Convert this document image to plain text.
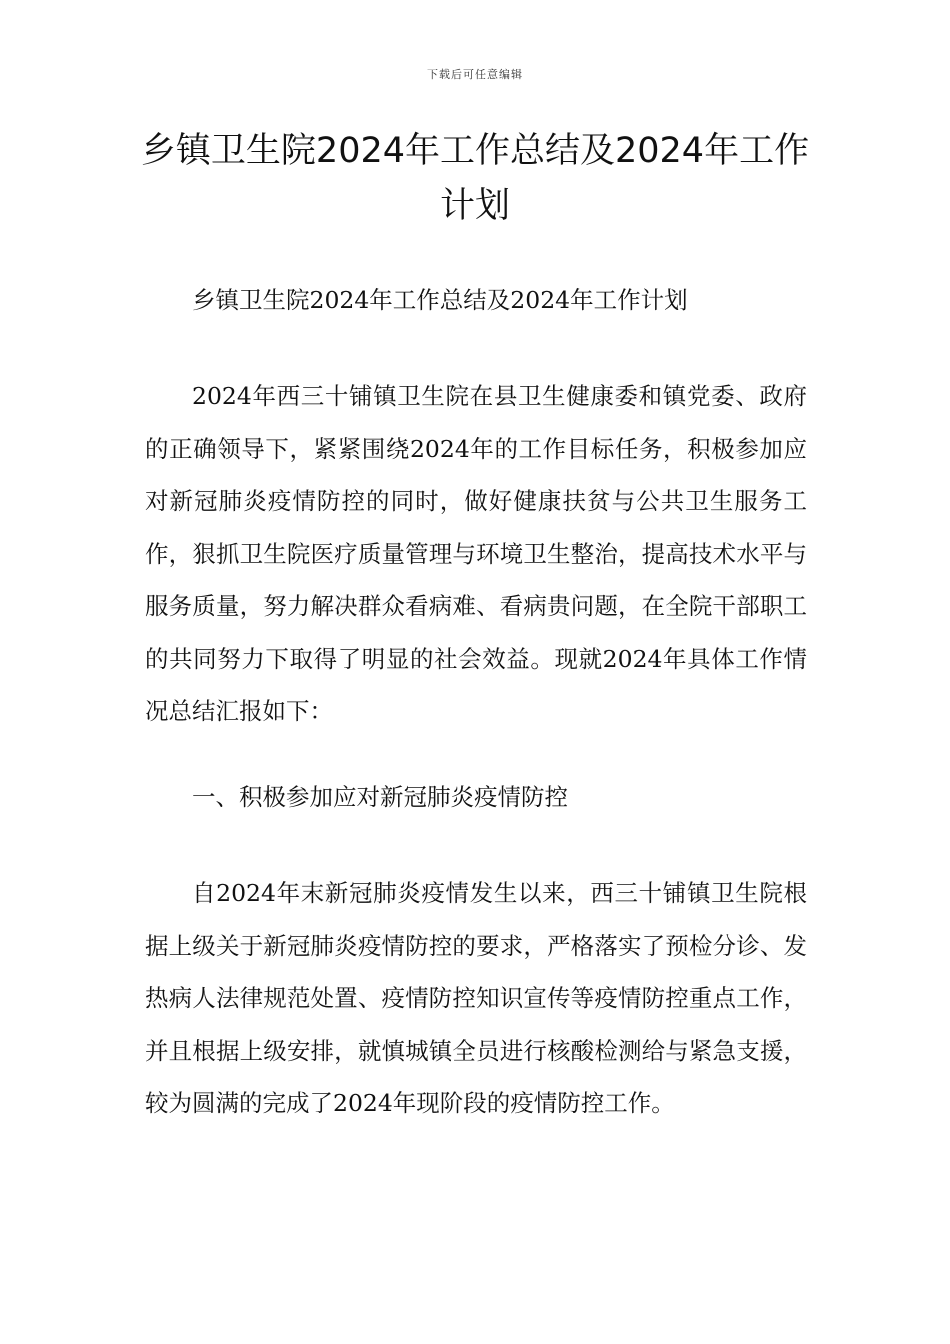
下载后可任意编辑
乡镇卫生院2024年工作总结及2024年工作计划

乡镇卫生院2024年工作总结及2024年工作计划

2024年西三十铺镇卫生院在县卫生健康委和镇党委、政府的正确领导下，紧紧围绕2024年的工作目标任务，积极参加应对新冠肺炎疫情防控的同时，做好健康扶贫与公共卫生服务工作，狠抓卫生院医疗质量管理与环境卫生整治，提高技术水平与服务质量，努力解决群众看病难、看病贵问题，在全院干部职工的共同努力下取得了明显的社会效益。现就2024年具体工作情况总结汇报如下：

一、积极参加应对新冠肺炎疫情防控

自2024年末新冠肺炎疫情发生以来，西三十铺镇卫生院根据上级关于新冠肺炎疫情防控的要求，严格落实了预检分诊、发热病人法律规范处置、疫情防控知识宣传等疫情防控重点工作，并且根据上级安排，就慎城镇全员进行核酸检测给与紧急支援，较为圆满的完成了2024年现阶段的疫情防控工作。
